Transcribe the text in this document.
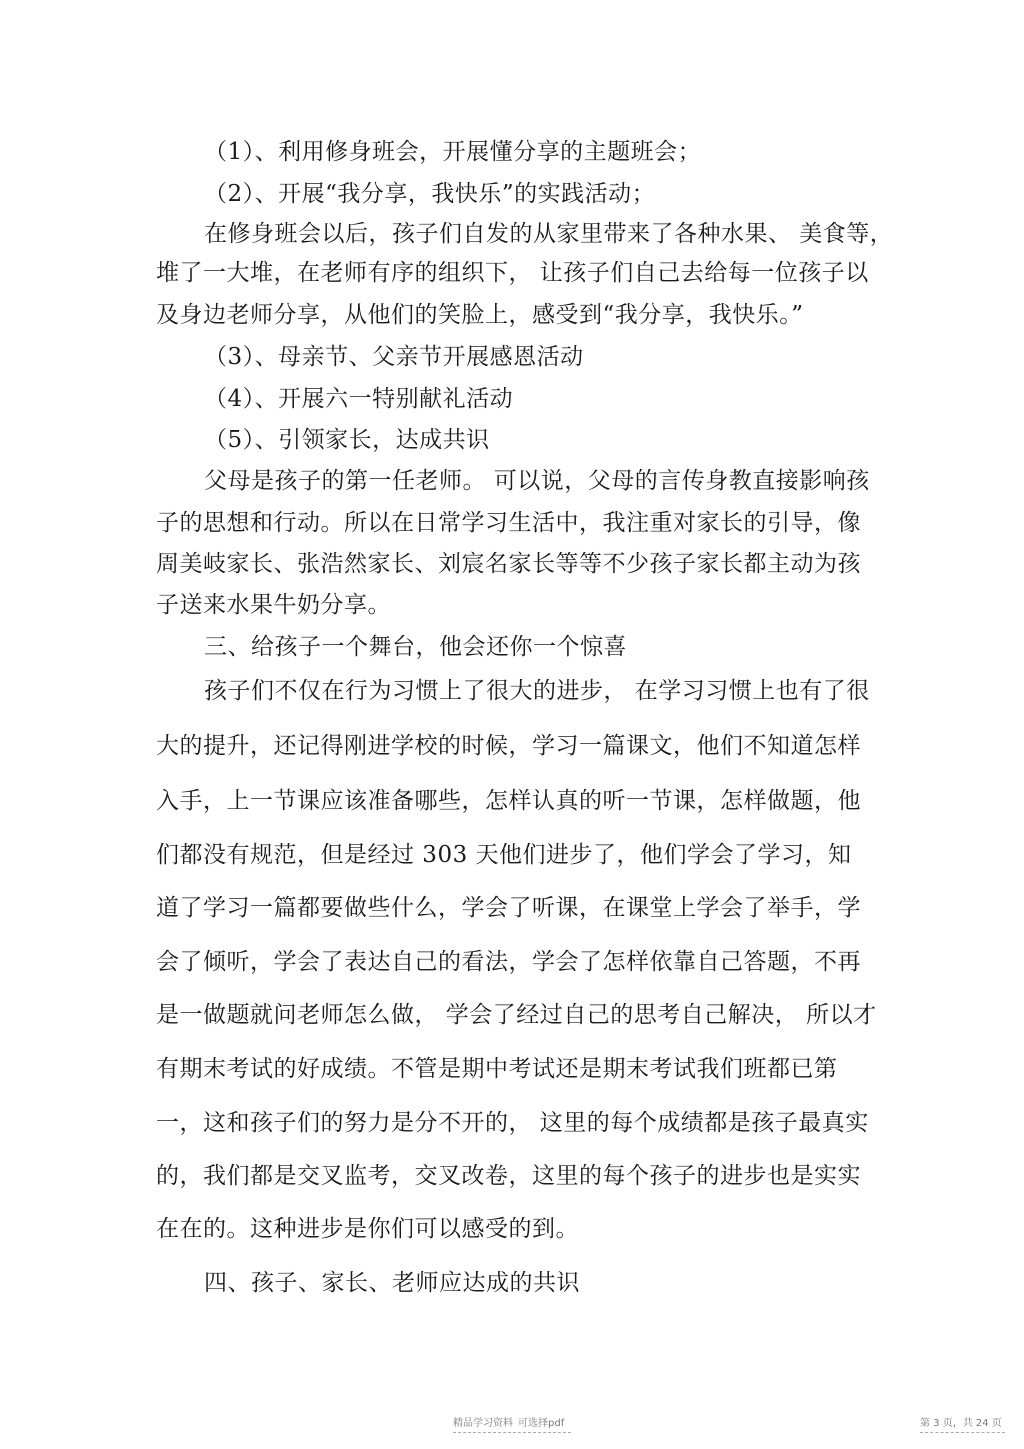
（1）、利用修身班会，开展懂分享的主题班会；
（2）、开展“我分享，我快乐”的实践活动；
在修身班会以后，孩子们自发的从家里带来了各种水果、 美食等，
堆了一大堆，在老师有序的组织下， 让孩子们自己去给每一位孩子以
及身边老师分享，从他们的笑脸上，感受到“我分享，我快乐。”
（3）、母亲节、父亲节开展感恩活动
（4）、开展六一特别献礼活动
（5）、引领家长，达成共识
父母是孩子的第一任老师。 可以说，父母的言传身教直接影响孩
子的思想和行动。所以在日常学习生活中，我注重对家长的引导，像
周美岐家长、张浩然家长、刘宸名家长等等不少孩子家长都主动为孩
子送来水果牛奶分享。
三、给孩子一个舞台，他会还你一个惊喜
孩子们不仅在行为习惯上了很大的进步， 在学习习惯上也有了很
大的提升，还记得刚进学校的时候，学习一篇课文，他们不知道怎样
入手，上一节课应该准备哪些，怎样认真的听一节课，怎样做题，他
们都没有规范，但是经过 303 天他们进步了，他们学会了学习，知
道了学习一篇都要做些什么，学会了听课，在课堂上学会了举手，学
会了倾听，学会了表达自己的看法，学会了怎样依靠自己答题，不再
是一做题就问老师怎么做， 学会了经过自己的思考自己解决， 所以才
有期末考试的好成绩。不管是期中考试还是期末考试我们班都已第
一，这和孩子们的努力是分不开的， 这里的每个成绩都是孩子最真实
的，我们都是交叉监考，交叉改卷，这里的每个孩子的进步也是实实
在在的。这种进步是你们可以感受的到。
四、孩子、家长、老师应达成的共识
精品学习资料 可选择pdf	第 3 页，共 24 页
